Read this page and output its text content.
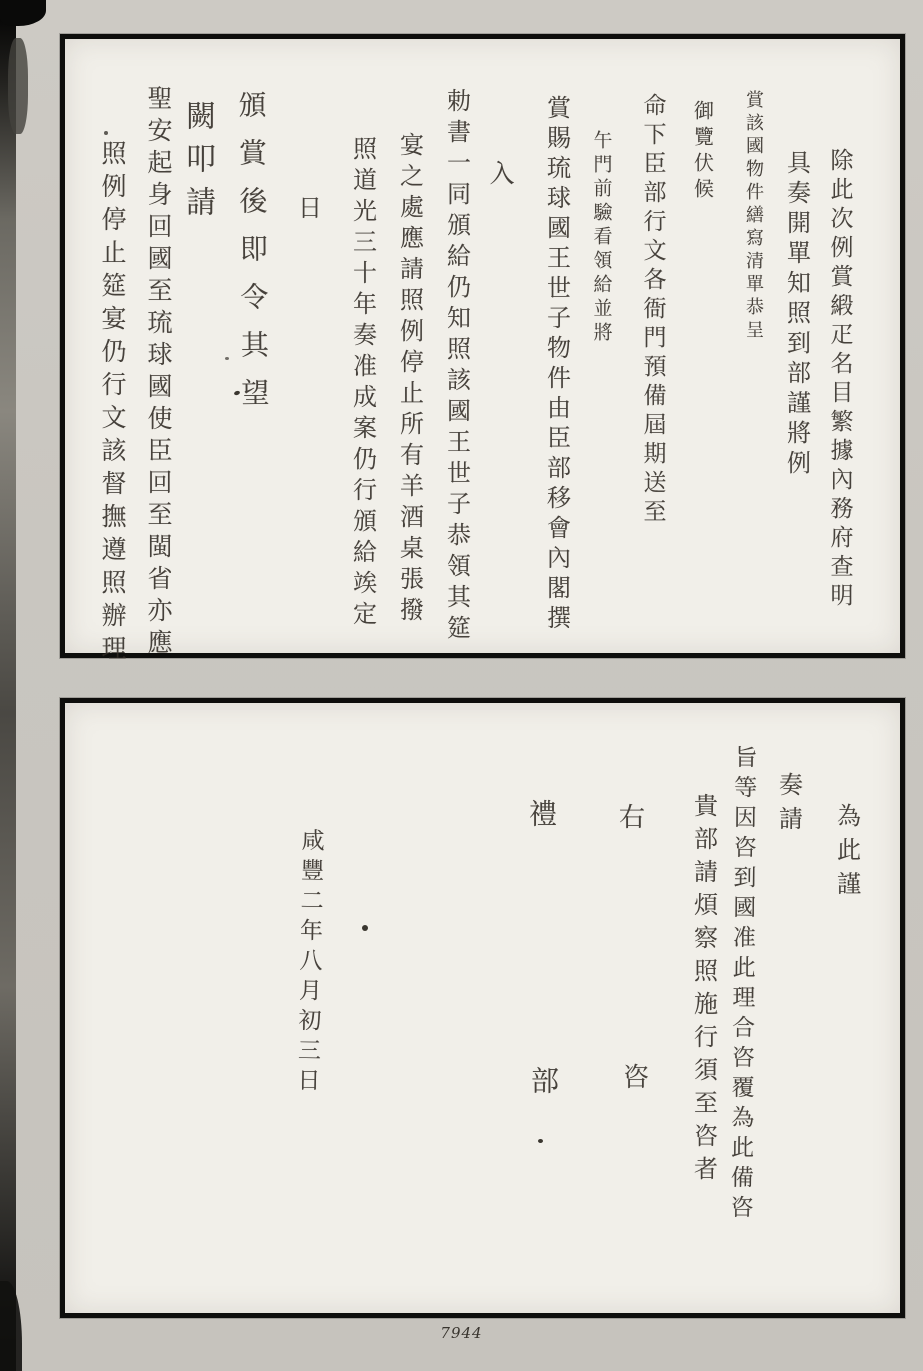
7944
除此次例賞緞疋名目繁據內務府查明
具奏開單知照到部謹將例
賞該國物件繕寫清單恭呈
御覽伏候
命下臣部行文各衙門預備屆期送至
午門前驗看領給並將
賞賜琉球國王世子物件由臣部移會內閣撰
入
勅書一同頒給仍知照該國王世子恭領其筵
宴之處應請照例停止所有羊酒桌張撥
照道光三十年奏准成案仍行頒給竢定
日
頒賞後即令其望
闕叩請
聖安起身回國至琉球國使臣回至閩省亦應
照例停止筵宴仍行文該督撫遵照辦理
為此謹
奏請
旨等因咨到國准此理合咨覆為此備咨
貴部請煩察照施行須至咨者
右
咨
禮
部
咸豐二年八月初三日
